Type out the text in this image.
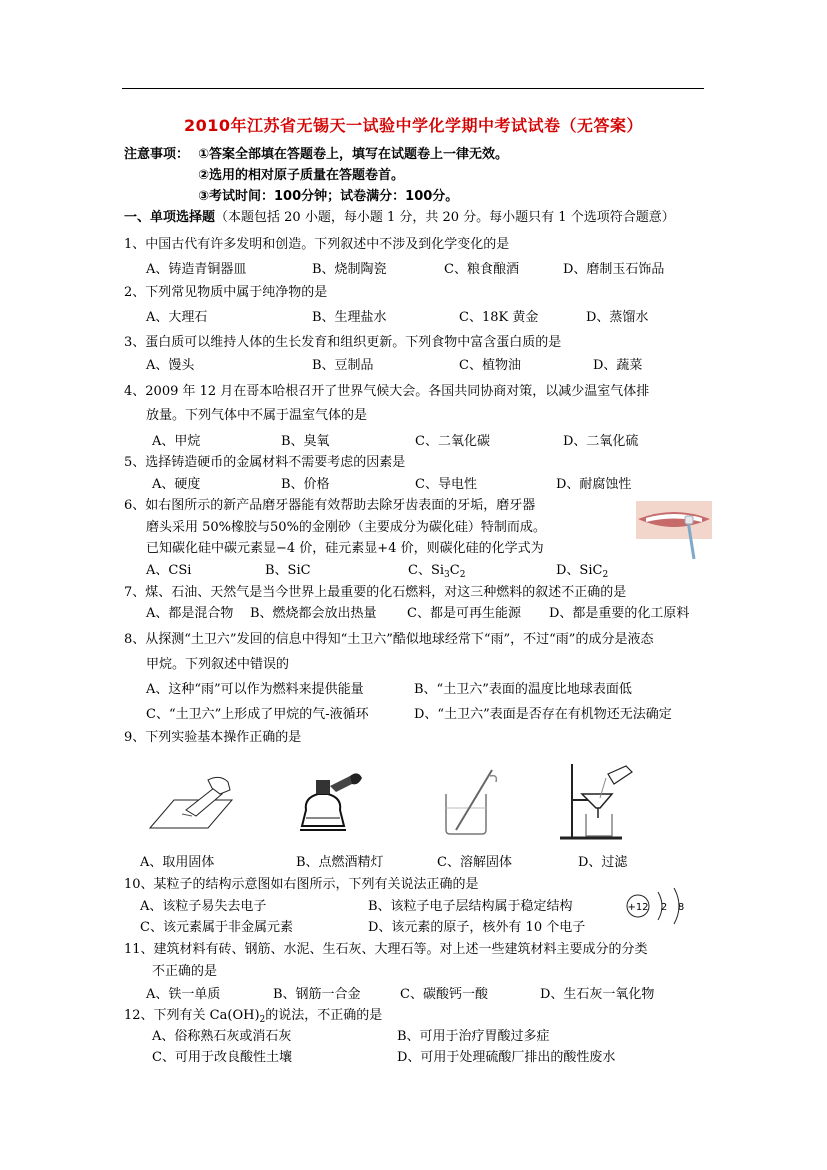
2010年江苏省无锡天一试验中学化学期中考试试卷（无答案）
注意事项： ①答案全部填在答题卷上，填写在试题卷上一律无效。
②选用的相对原子质量在答题卷首。
③考试时间：100分钟；试卷满分：100分。
一、单项选择题（本题包括 20 小题，每小题 1 分，共 20 分。每小题只有 1 个选项符合题意）
1、中国古代有许多发明和创造。下列叙述中不涉及到化学变化的是
A、铸造青铜器皿	B、烧制陶瓷	C、粮食酿酒	D、磨制玉石饰品
2、下列常见物质中属于纯净物的是
A、大理石	B、生理盐水	C、18K 黄金	D、蒸馏水
3、蛋白质可以维持人体的生长发育和组织更新。下列食物中富含蛋白质的是
A、馒头	B、豆制品	C、植物油	D、蔬菜
4、2009 年 12 月在哥本哈根召开了世界气候大会。各国共同协商对策，以减少温室气体排
放量。下列气体中不属于温室气体的是
A、甲烷	B、臭氧	C、二氧化碳	D、二氧化硫
5、选择铸造硬币的金属材料不需要考虑的因素是
A、硬度	B、价格	C、导电性	D、耐腐蚀性
6、如右图所示的新产品磨牙器能有效帮助去除牙齿表面的牙垢，磨牙器
磨头采用 50%橡胶与50%的金刚砂（主要成分为碳化硅）特制而成。
已知碳化硅中碳元素显−4 价，硅元素显+4 价，则碳化硅的化学式为
A、CSi	B、SiC	C、$Si_3C_2$	D、SiC$_2$
7、煤、石油、天然气是当今世界上最重要的化石燃料，对这三种燃料的叙述不正确的是
A、都是混合物 B、燃烧都会放出热量 C、都是可再生能源 D、都是重要的化工原料
8、从探测“土卫六”发回的信息中得知“土卫六”酷似地球经常下“雨”，不过“雨”的成分是液态
甲烷。下列叙述中错误的
A、这种“雨”可以作为燃料来提供能量	B、“土卫六”表面的温度比地球表面低
C、“土卫六”上形成了甲烷的气-液循环	D、“土卫六”表面是否存在有机物还无法确定
9、下列实验基本操作正确的是
A、取用固体	B、点燃酒精灯	C、溶解固体	D、过滤
10、某粒子的结构示意图如右图所示，下列有关说法正确的是
A、该粒子易失去电子	B、该粒子电子层结构属于稳定结构
C、该元素属于非金属元素	D、该元素的原子，核外有 10 个电子
+12 2 8
11、建筑材料有砖、钢筋、水泥、生石灰、大理石等。对上述一些建筑材料主要成分的分类
不正确的是
A、铁一单质	B、钢筋一合金	C、碳酸钙一酸	D、生石灰一氧化物
12、下列有关 $Ca(OH)_2$的说法，不正确的是
A、俗称熟石灰或消石灰	B、可用于治疗胃酸过多症
C、可用于改良酸性土壤	D、可用于处理硫酸厂排出的酸性废水
